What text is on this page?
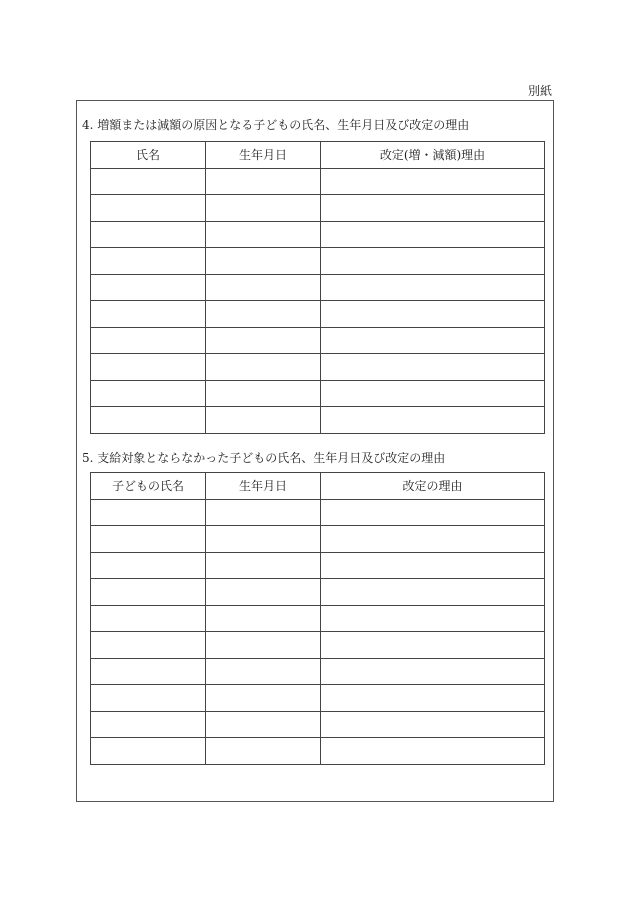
別紙
4. 増額または減額の原因となる子どもの氏名、生年月日及び改定の理由
氏名	生年月日	改定(増・減額)理由

5. 支給対象とならなかった子どもの氏名、生年月日及び改定の理由
子どもの氏名	生年月日	改定の理由
